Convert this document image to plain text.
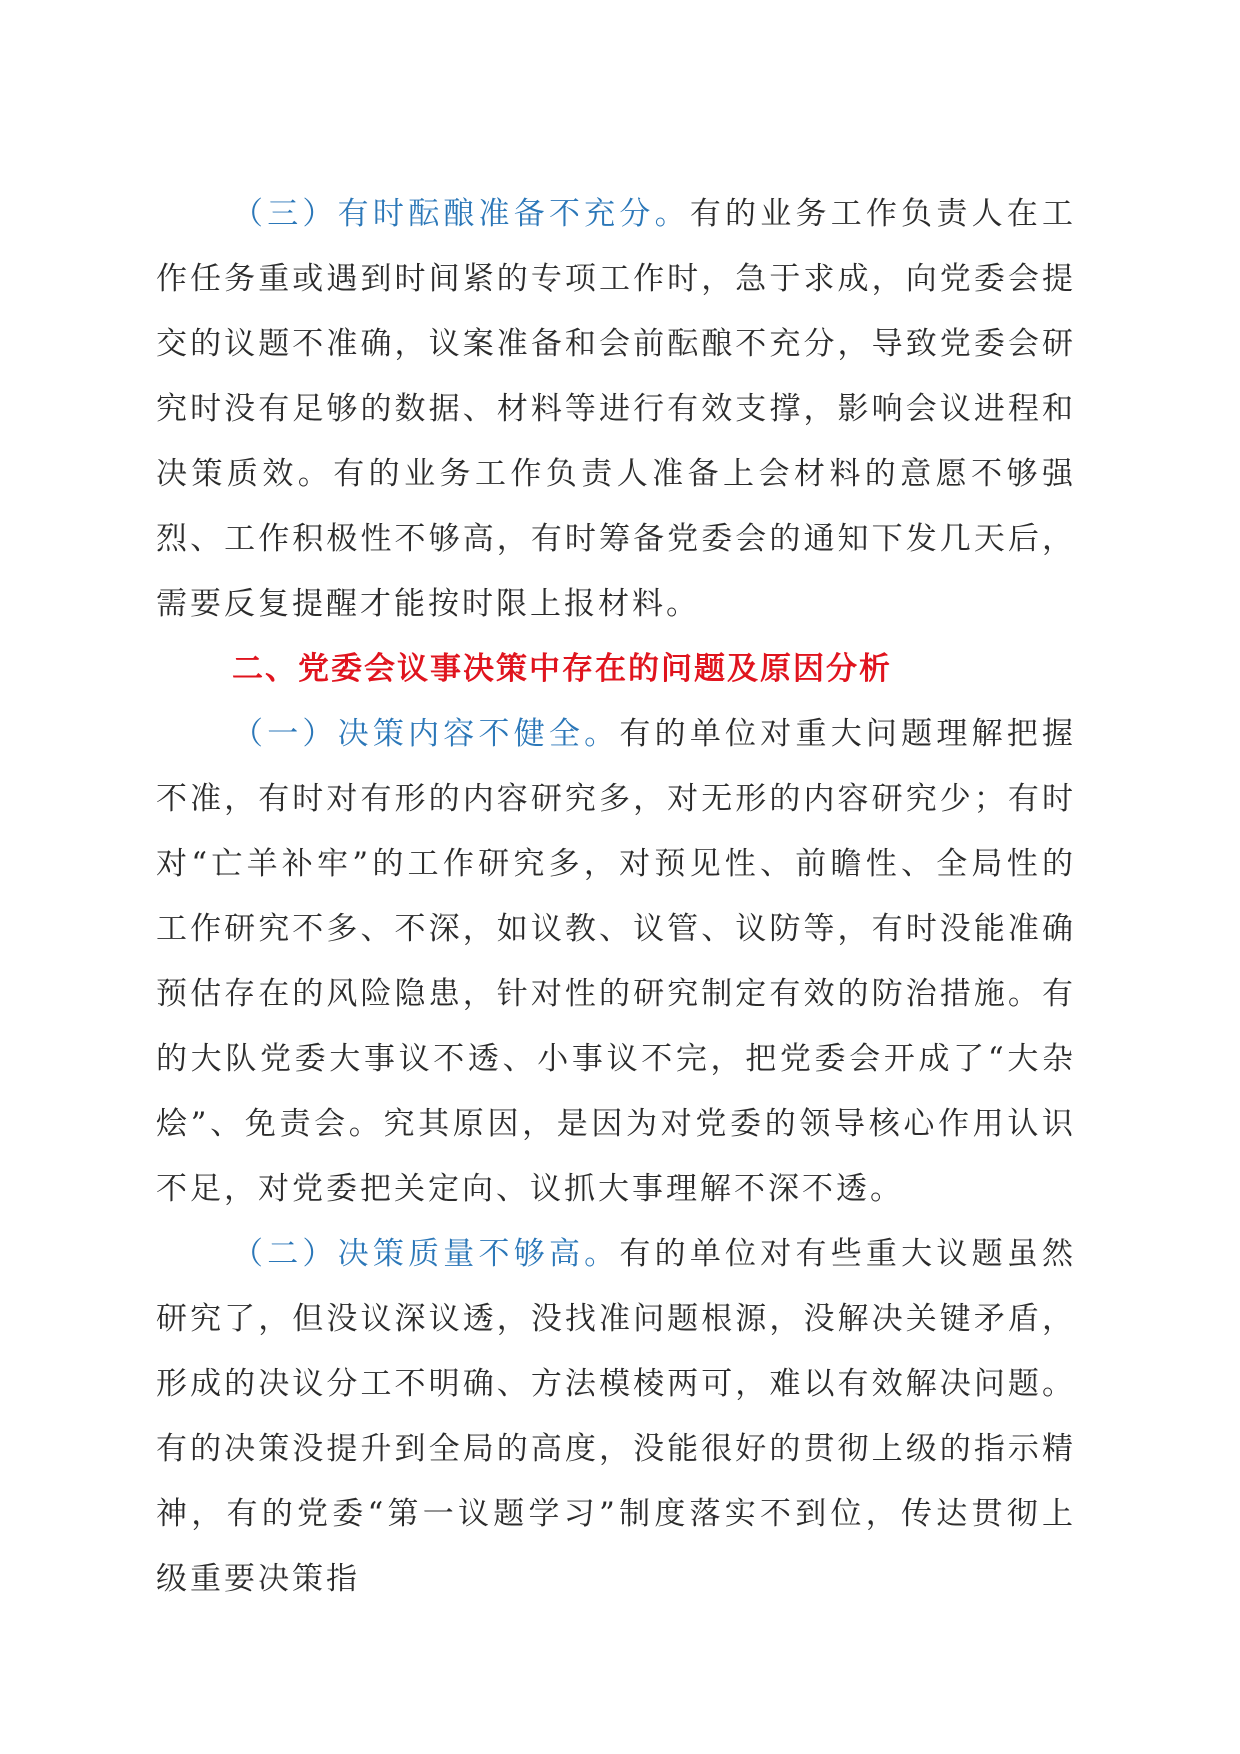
（三）有时酝酿准备不充分。有的业务工作负责人在工作任务重或遇到时间紧的专项工作时，急于求成，向党委会提交的议题不准确，议案准备和会前酝酿不充分，导致党委会研究时没有足够的数据、材料等进行有效支撑，影响会议进程和决策质效。有的业务工作负责人准备上会材料的意愿不够强烈、工作积极性不够高，有时筹备党委会的通知下发几天后，需要反复提醒才能按时限上报材料。

二、党委会议事决策中存在的问题及原因分析

（一）决策内容不健全。有的单位对重大问题理解把握不准，有时对有形的内容研究多，对无形的内容研究少；有时对“亡羊补牢”的工作研究多，对预见性、前瞻性、全局性的工作研究不多、不深，如议教、议管、议防等，有时没能准确预估存在的风险隐患，针对性的研究制定有效的防治措施。有的大队党委大事议不透、小事议不完，把党委会开成了“大杂烩”、免责会。究其原因，是因为对党委的领导核心作用认识不足，对党委把关定向、议抓大事理解不深不透。

（二）决策质量不够高。有的单位对有些重大议题虽然研究了，但没议深议透，没找准问题根源，没解决关键矛盾，形成的决议分工不明确、方法模棱两可，难以有效解决问题。有的决策没提升到全局的高度，没能很好的贯彻上级的指示精神，有的党委“第一议题学习”制度落实不到位，传达贯彻上级重要决策指
